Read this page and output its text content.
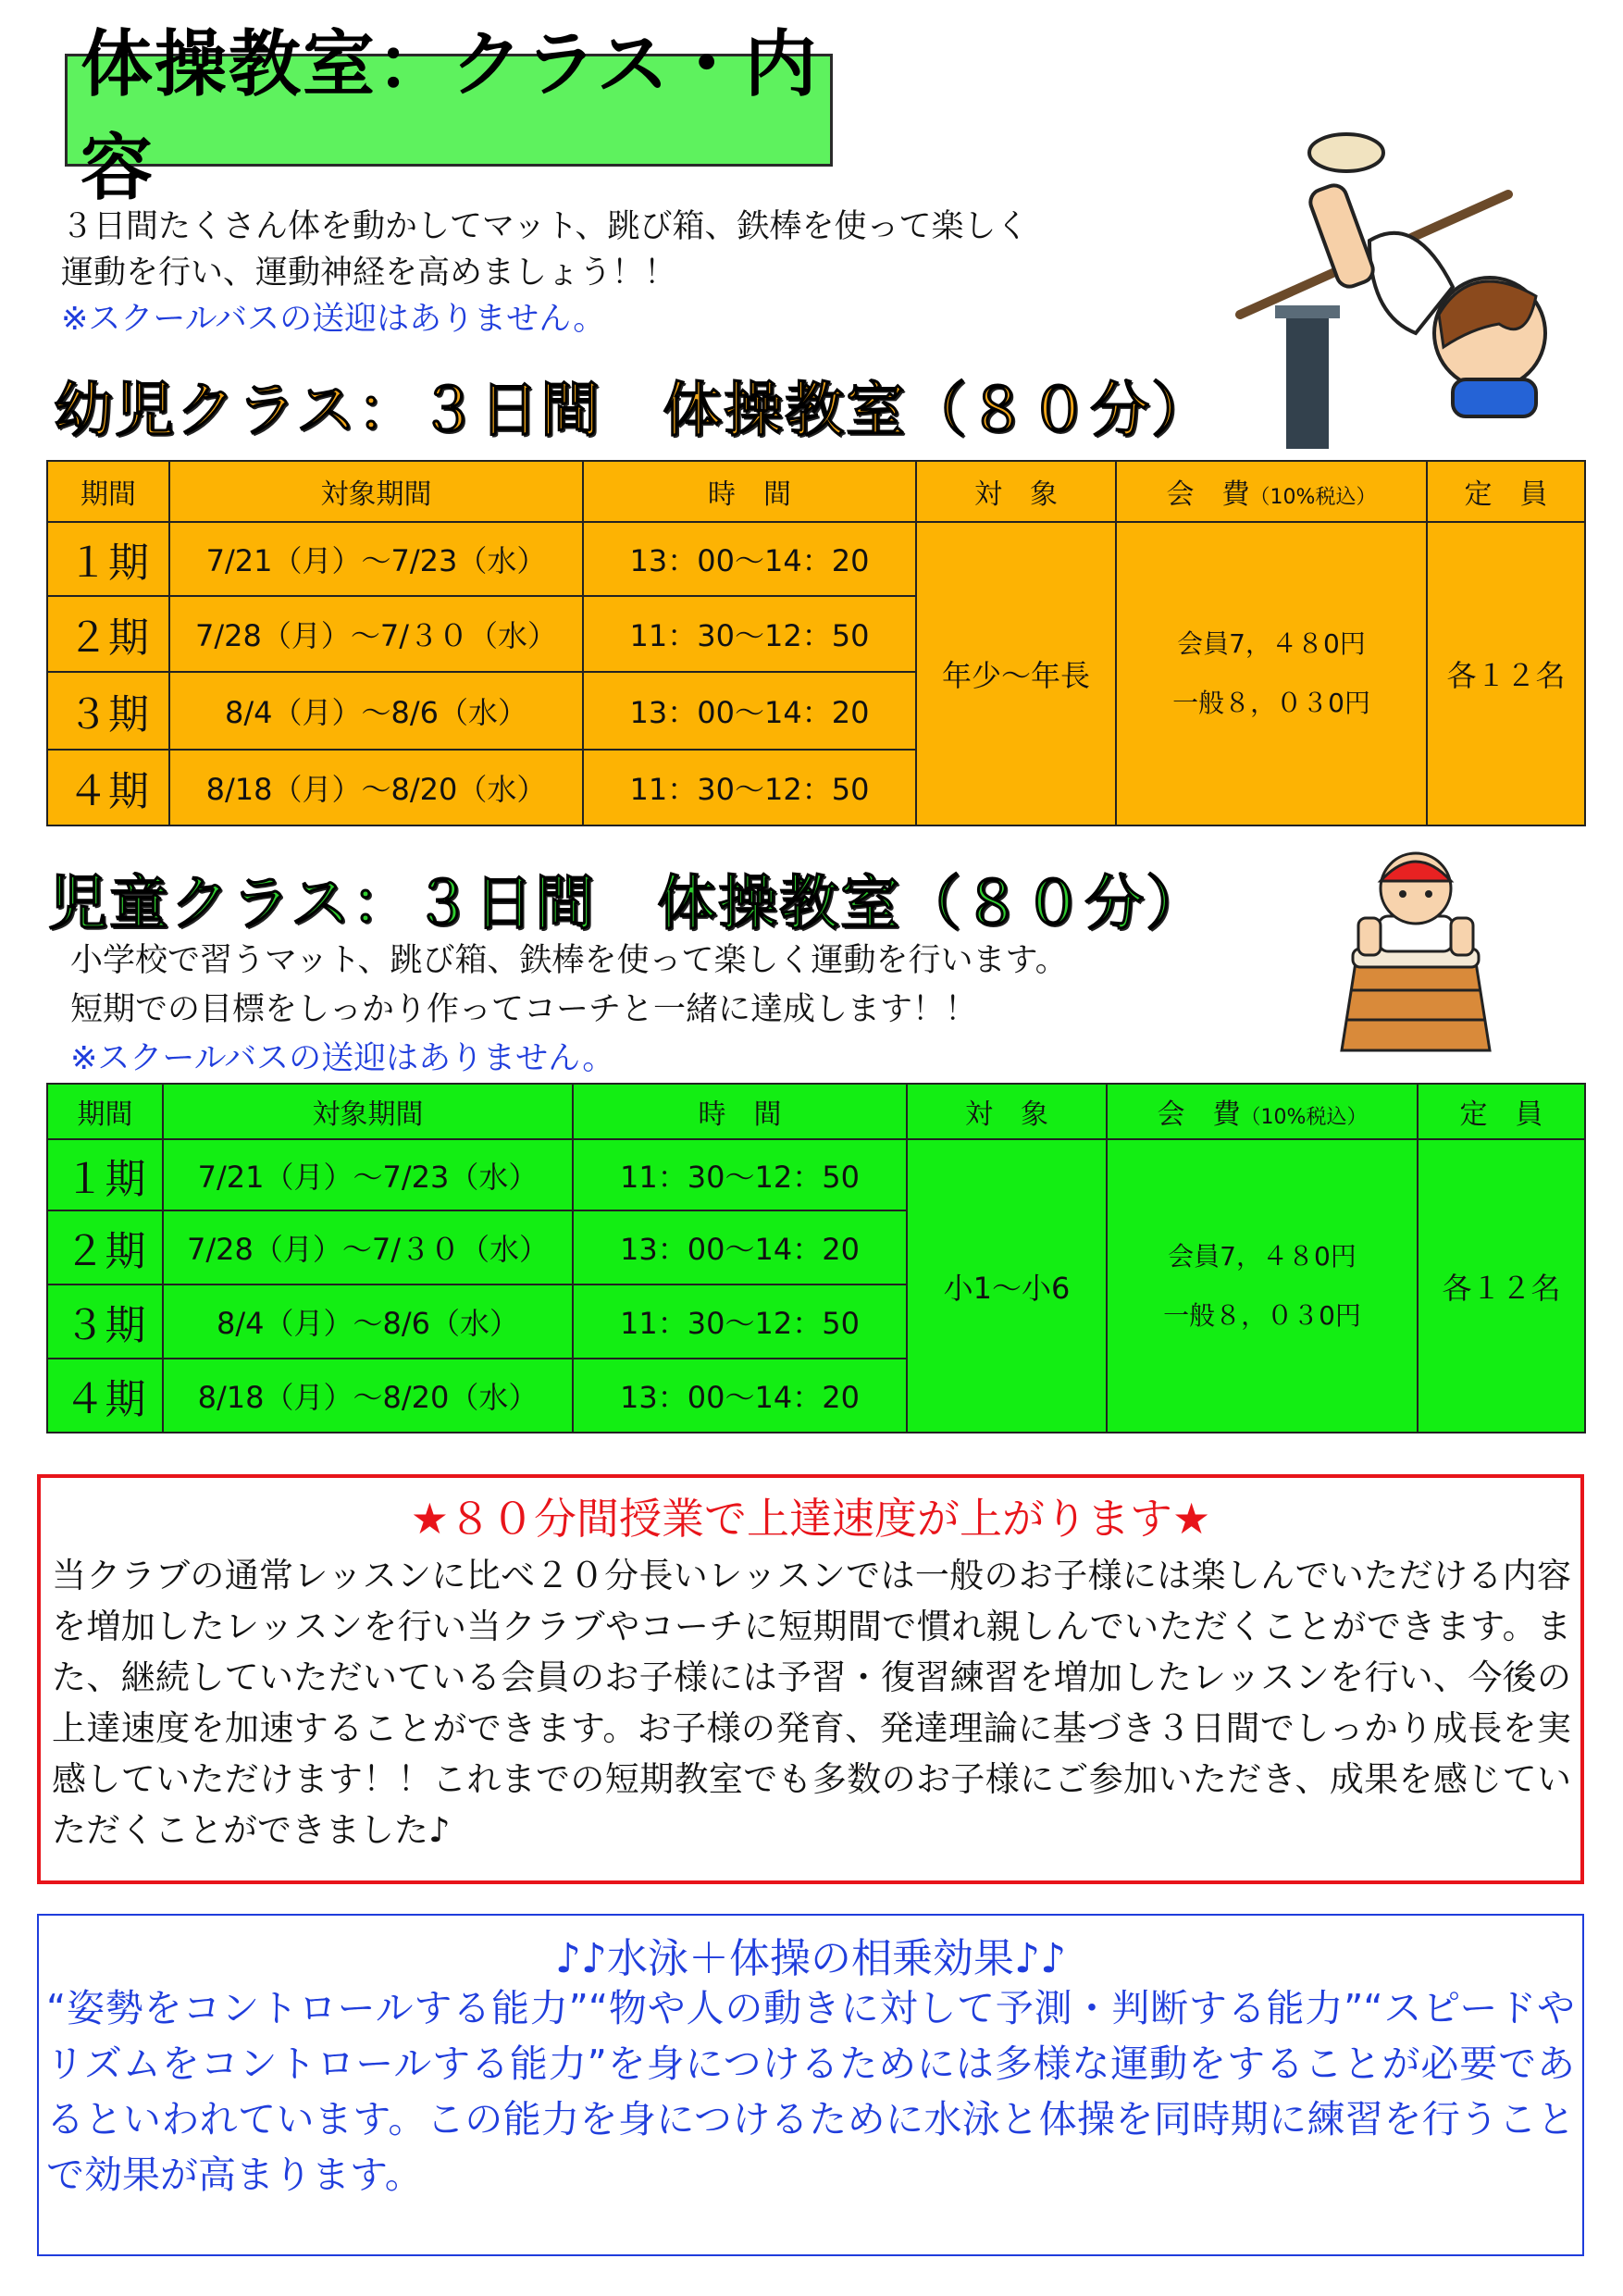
体操教室：クラス・内容
３日間たくさん体を動かしてマット、跳び箱、鉄棒を使って楽しく
運動を行い、運動神経を高めましょう！！
※スクールバスの送迎はありません。
幼児クラス：３日間　体操教室（８０分）
期間	対象期間	時　間	対　象	会　費（10%税込）	定　員
１期	7/21（月）～7/23（水）	13：00～14：20	年少～年長	会員7，４８0円
一般８，０３0円	各１２名
２期	7/28（月）～7/３０（水）	11：30～12：50			
３期	8/4（月）～8/6（水）	13：00～14：20			
４期	8/18（月）～8/20（水）	11：30～12：50			
児童クラス：３日間　体操教室（８０分）
小学校で習うマット、跳び箱、鉄棒を使って楽しく運動を行います。
短期での目標をしっかり作ってコーチと一緒に達成します！！
※スクールバスの送迎はありません。
期間	対象期間	時　間	対　象	会　費（10%税込）	定　員
１期	7/21（月）～7/23（水）	11：30～12：50	小1～小6	会員7，４８0円
一般８，０３0円	各１２名
２期	7/28（月）～7/３０（水）	13：00～14：20			
３期	8/4（月）～8/6（水）	11：30～12：50			
４期	8/18（月）～8/20（水）	13：00～14：20			
★８０分間授業で上達速度が上がります★
当クラブの通常レッスンに比べ２０分長いレッスンでは一般のお子様には楽しんでいただける内容を増加したレッスンを行い当クラブやコーチに短期間で慣れ親しんでいただくことができます。また、継続していただいている会員のお子様には予習・復習練習を増加したレッスンを行い、今後の上達速度を加速することができます。お子様の発育、発達理論に基づき３日間でしっかり成長を実感していただけます！！これまでの短期教室でも多数のお子様にご参加いただき、成果を感じていただくことができました♪
♪♪水泳＋体操の相乗効果♪♪
“姿勢をコントロールする能力”“物や人の動きに対して予測・判断する能力”“スピードやリズムをコントロールする能力”を身につけるためには多様な運動をすることが必要であるといわれています。この能力を身につけるために水泳と体操を同時期に練習を行うことで効果が高まります。
